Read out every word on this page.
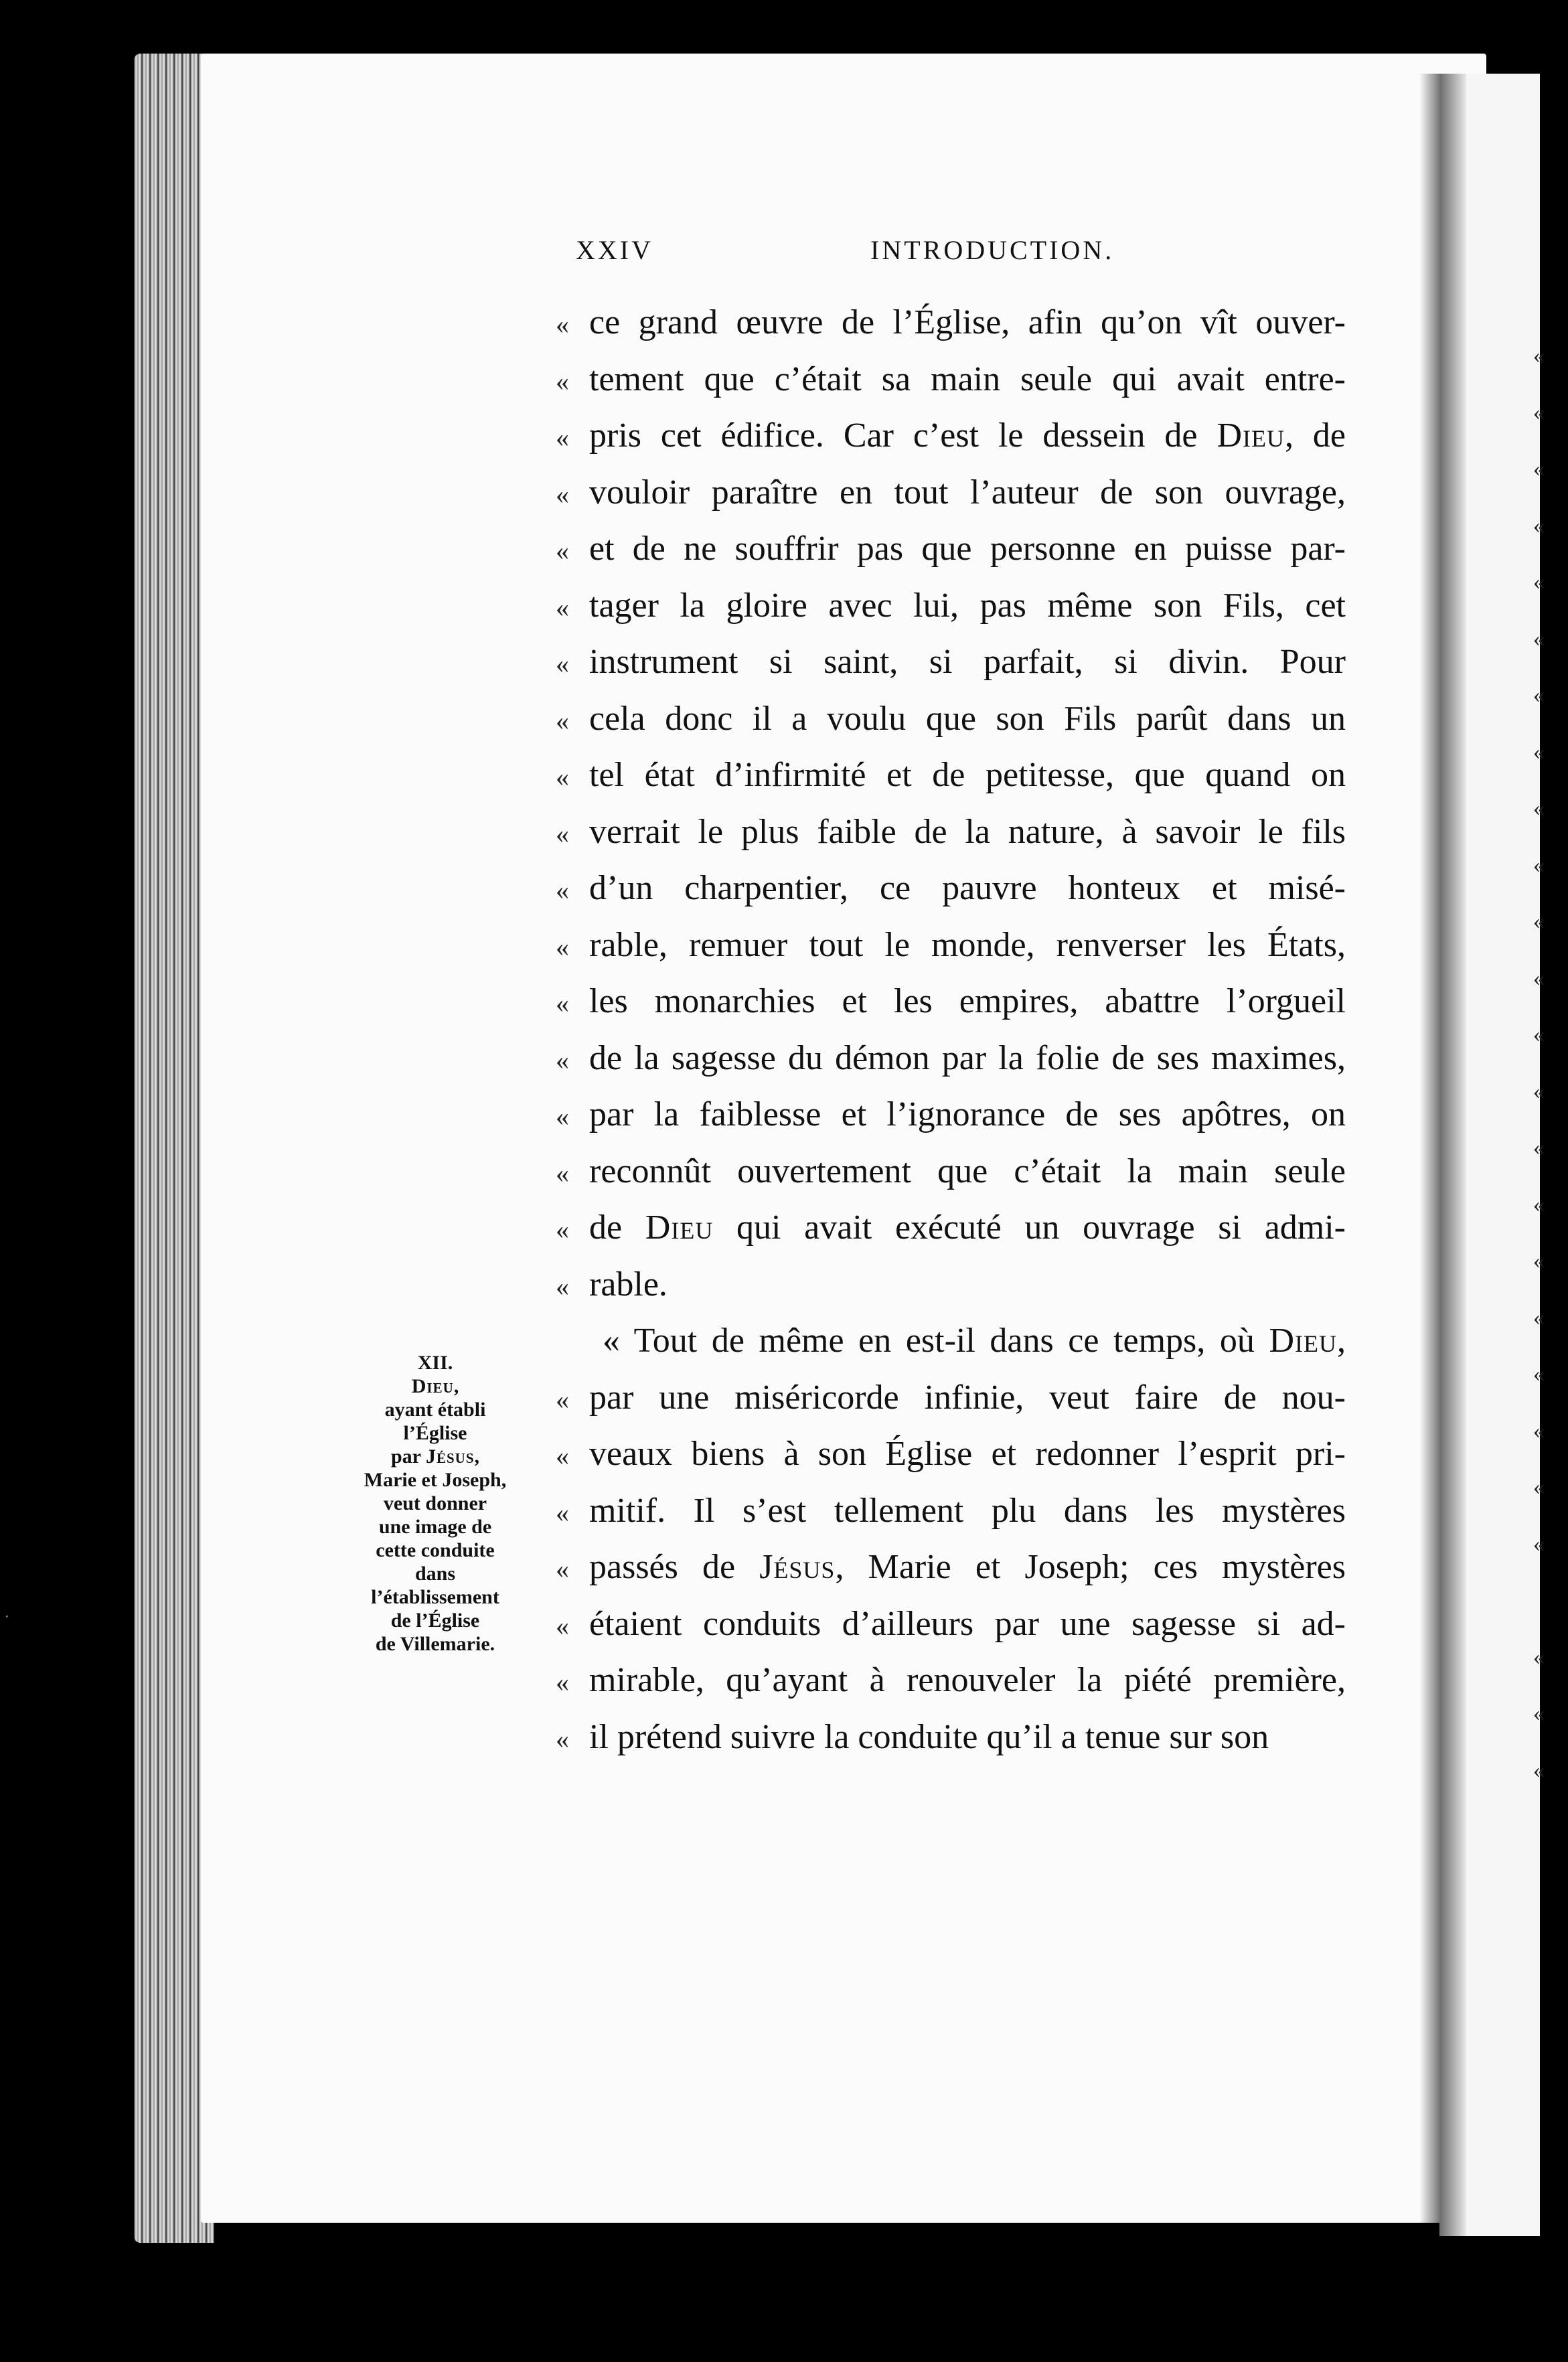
XXIV	INTRODUCTION.
« ce grand œuvre de l’Église, afin qu’on vît ouver-
« tement que c’était sa main seule qui avait entre-
« pris cet édifice. Car c’est le dessein de Dieu, de
« vouloir paraître en tout l’auteur de son ouvrage,
« et de ne souffrir pas que personne en puisse par-
« tager la gloire avec lui, pas même son Fils, cet
« instrument si saint, si parfait, si divin. Pour
« cela donc il a voulu que son Fils parût dans un
« tel état d’infirmité et de petitesse, que quand on
« verrait le plus faible de la nature, à savoir le fils
« d’un charpentier, ce pauvre honteux et misé-
« rable, remuer tout le monde, renverser les États,
« les monarchies et les empires, abattre l’orgueil
« de la sagesse du démon par la folie de ses maximes,
« par la faiblesse et l’ignorance de ses apôtres, on
« reconnût ouvertement que c’était la main seule
« de Dieu qui avait exécuté un ouvrage si admi-
« rable.
« Tout de même en est-il dans ce temps, où Dieu,
« par une miséricorde infinie, veut faire de nou-
« veaux biens à son Église et redonner l’esprit pri-
« mitif. Il s’est tellement plu dans les mystères
« passés de Jésus, Marie et Joseph; ces mystères
« étaient conduits d’ailleurs par une sagesse si ad-
« mirable, qu’ayant à renouveler la piété première,
« il prétend suivre la conduite qu’il a tenue sur son
XII.
Dieu,
ayant établi
l’Église
par Jésus,
Marie et Joseph,
veut donner
une image de
cette conduite
dans
l’établissement
de l’Église
de Villemarie.
«
«
«
«
«
«
«
«
«
«
«
«
«
«
«
«
«
«
«
«
«
«
«
«
«
·
